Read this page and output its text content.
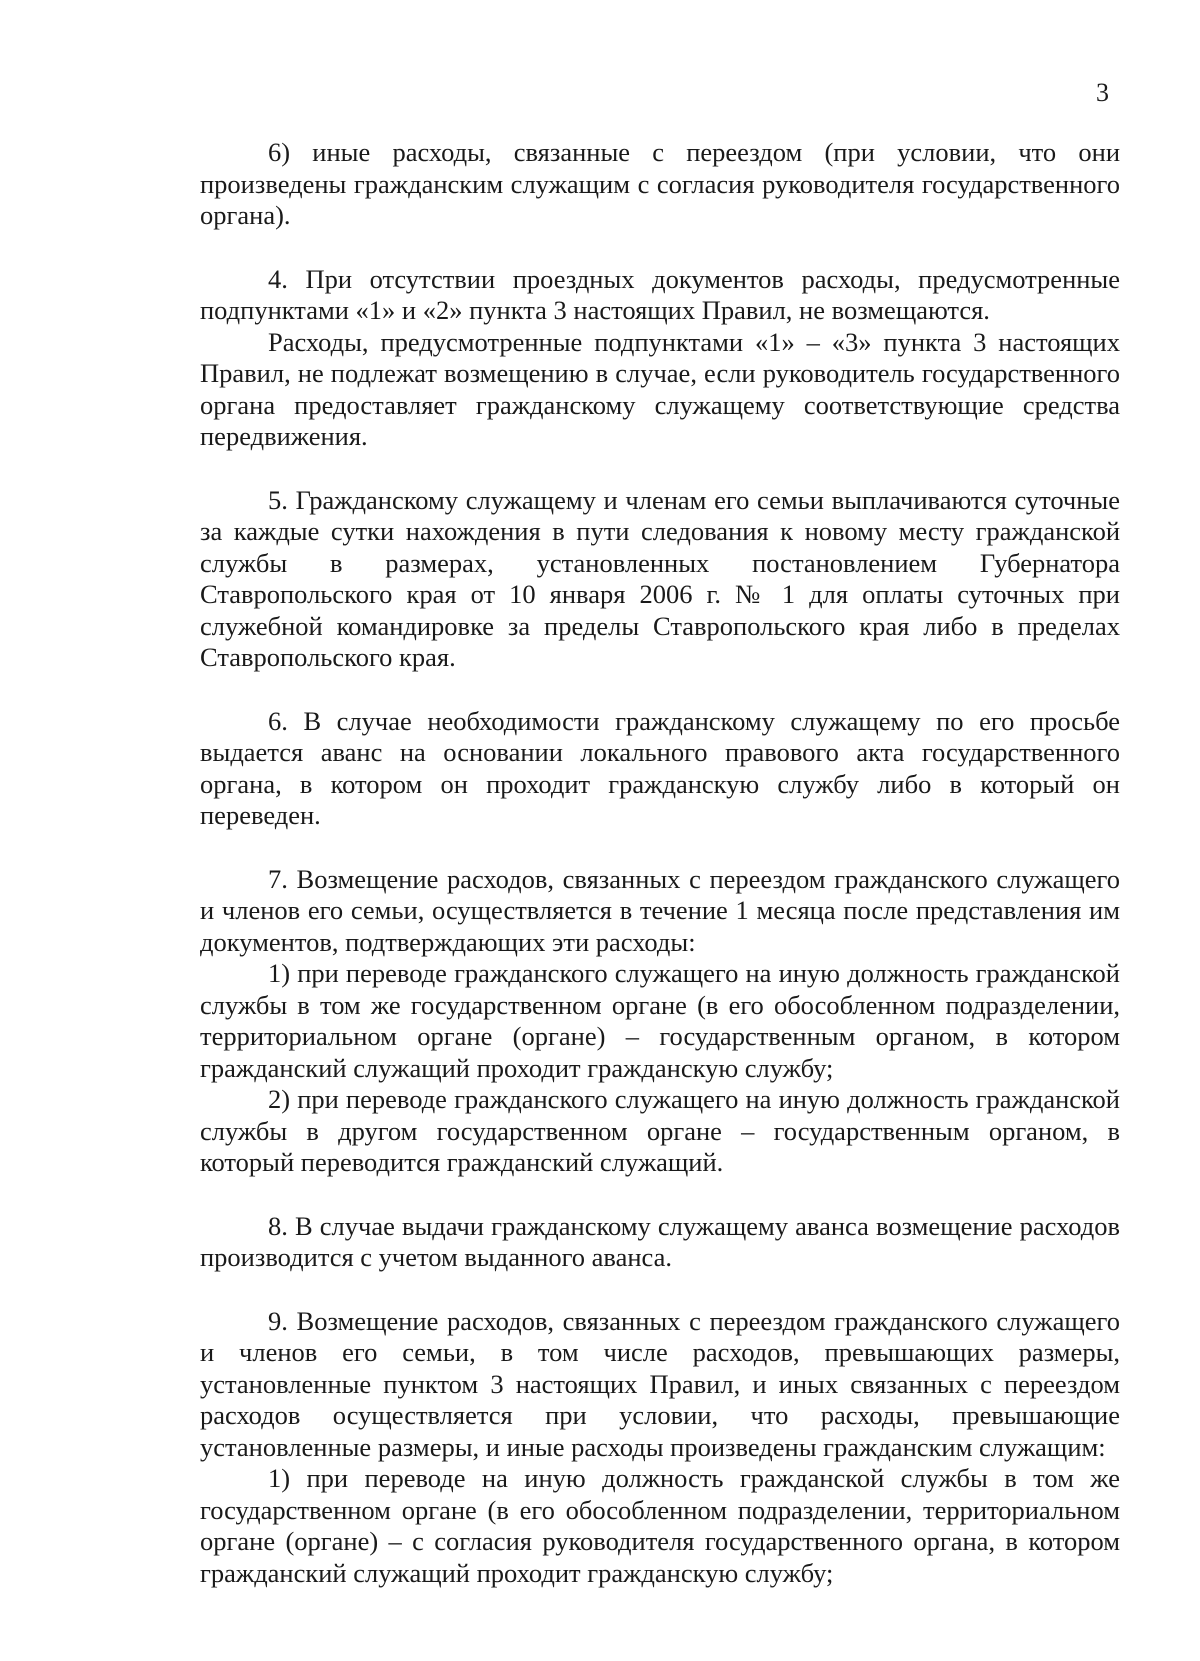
3

6) иные расходы, связанные с переездом (при условии, что они произведены гражданским служащим с согласия руководителя государственного органа).

4. При отсутствии проездных документов расходы, предусмотренные подпунктами «1» и «2» пункта 3 настоящих Правил, не возмещаются.

Расходы, предусмотренные подпунктами «1» – «3» пункта 3 настоящих Правил, не подлежат возмещению в случае, если руководитель государственного органа предоставляет гражданскому служащему соответствующие средства передвижения.

5. Гражданскому служащему и членам его семьи выплачиваются суточные за каждые сутки нахождения в пути следования к новому месту гражданской службы в размерах, установленных постановлением Губернатора Ставропольского края от 10 января 2006 г. № 1 для оплаты суточных при служебной командировке за пределы Ставропольского края либо в пределах Ставропольского края.

6. В случае необходимости гражданскому служащему по его просьбе выдается аванс на основании локального правового акта государственного органа, в котором он проходит гражданскую службу либо в который он переведен.

7. Возмещение расходов, связанных с переездом гражданского служащего и членов его семьи, осуществляется в течение 1 месяца после представления им документов, подтверждающих эти расходы:

1) при переводе гражданского служащего на иную должность гражданской службы в том же государственном органе (в его обособленном подразделении, территориальном органе (органе) – государственным органом, в котором гражданский служащий проходит гражданскую службу;

2) при переводе гражданского служащего на иную должность гражданской службы в другом государственном органе – государственным органом, в который переводится гражданский служащий.

8. В случае выдачи гражданскому служащему аванса возмещение расходов производится с учетом выданного аванса.

9. Возмещение расходов, связанных с переездом гражданского служащего и членов его семьи, в том числе расходов, превышающих размеры, установленные пунктом 3 настоящих Правил, и иных связанных с переездом расходов осуществляется при условии, что расходы, превышающие установленные размеры, и иные расходы произведены гражданским служащим:

1) при переводе на иную должность гражданской службы в том же государственном органе (в его обособленном подразделении, территориальном органе (органе) – с согласия руководителя государственного органа, в котором гражданский служащий проходит гражданскую службу;
